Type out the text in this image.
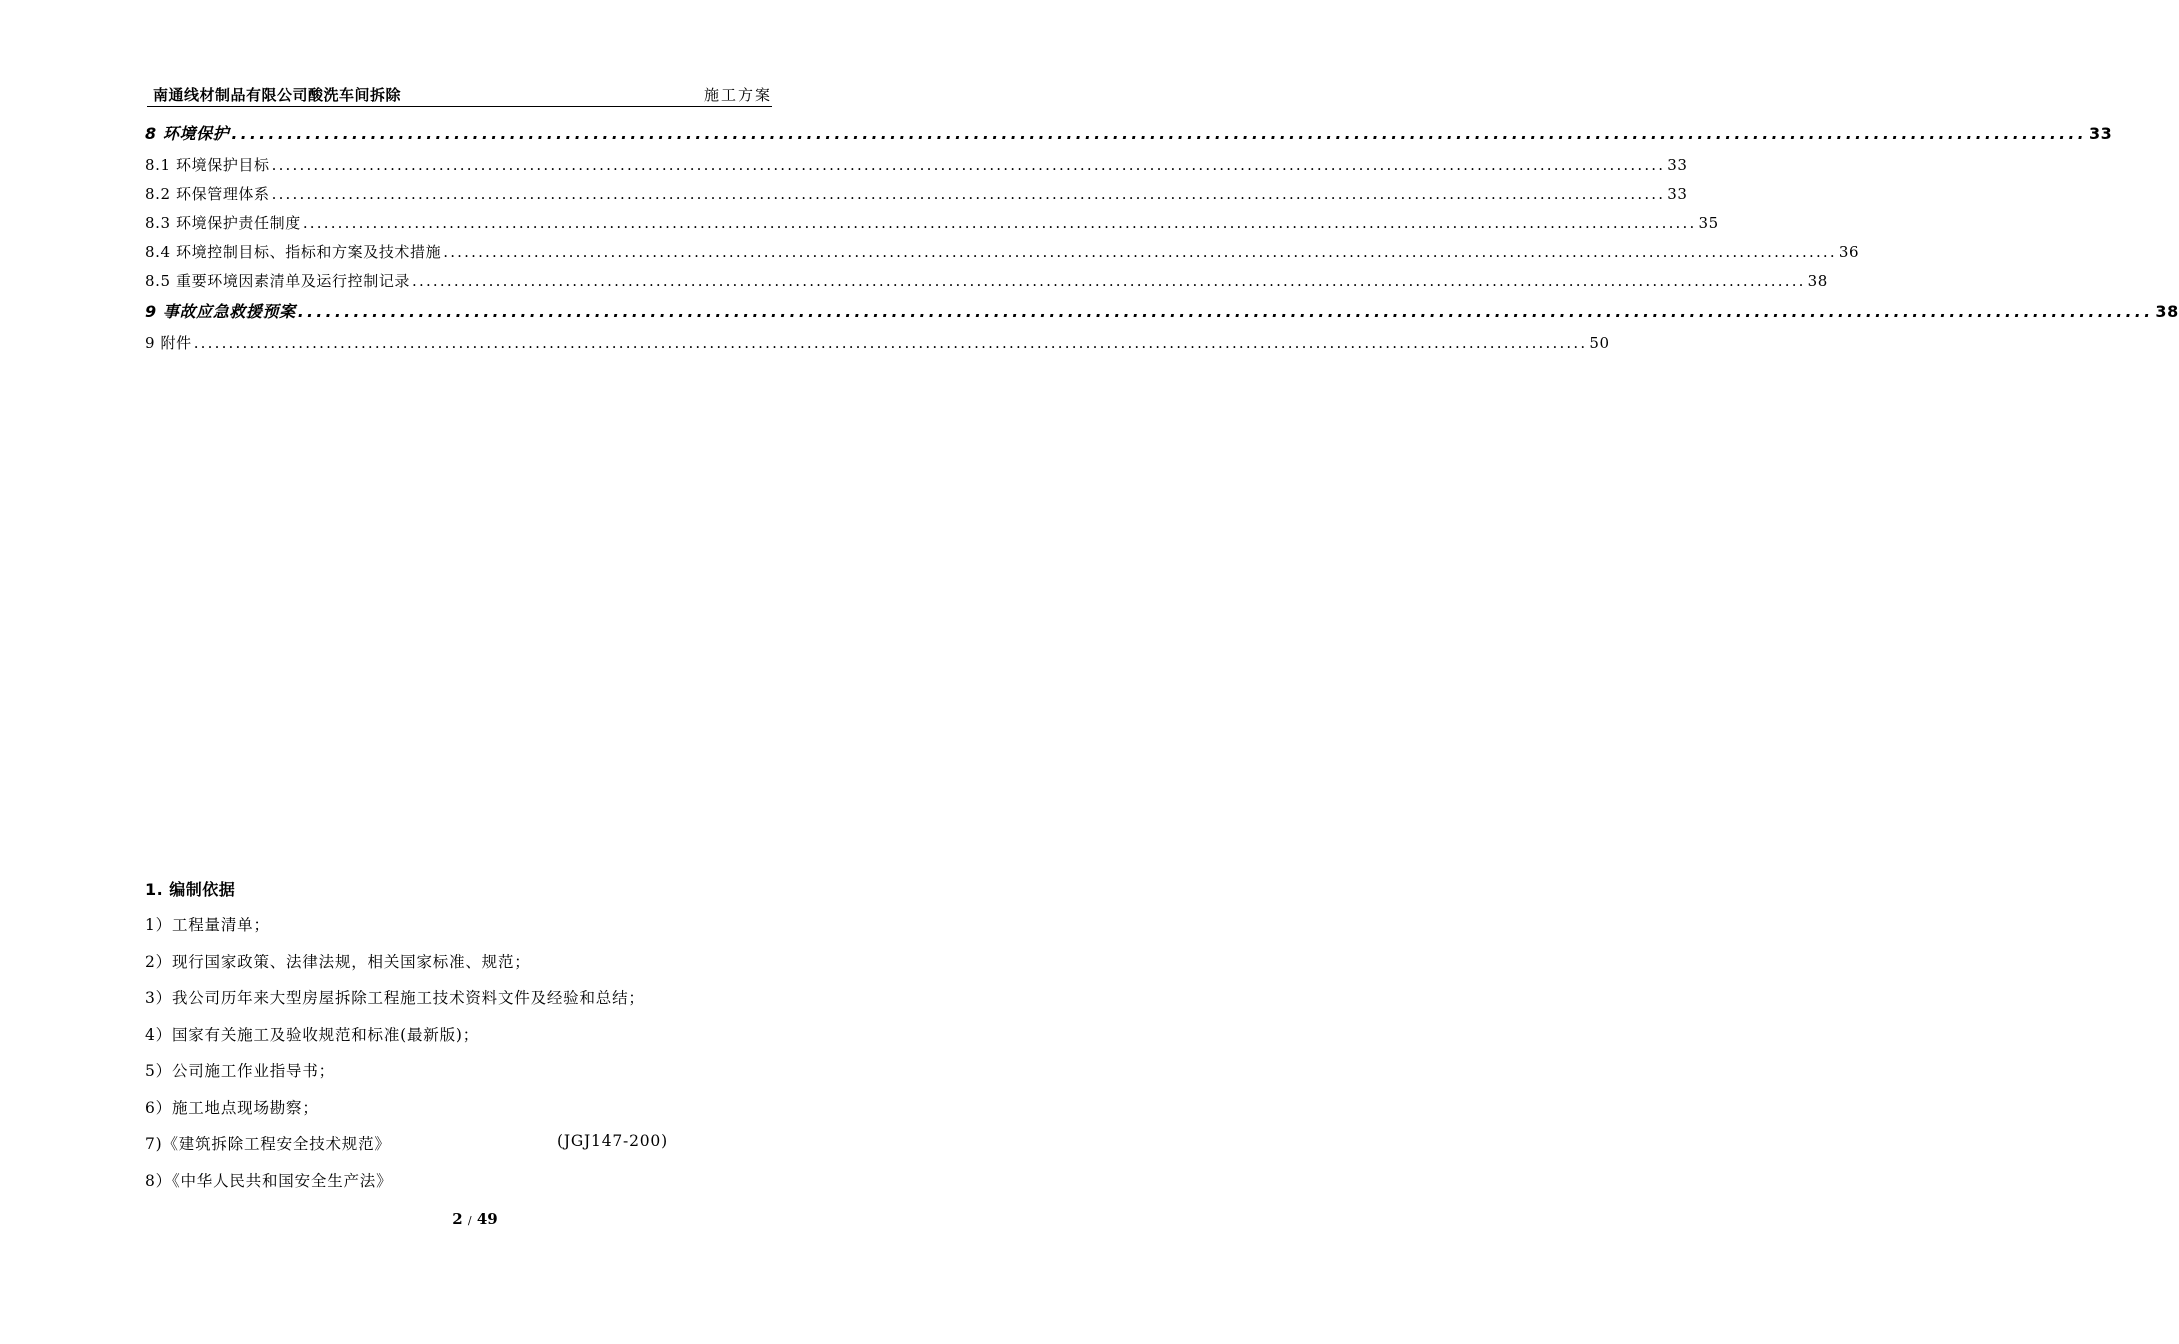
南通线材制品有限公司酸洗车间拆除	施工方案
8 环境保护 ........................................................................................................................................................................................................ 33
8.1 环境保护目标 ........................................................................................................................................................................................................ 33
8.2 环保管理体系 ........................................................................................................................................................................................................ 33
8.3 环境保护责任制度 ........................................................................................................................................................................................................ 35
8.4 环境控制目标、指标和方案及技术措施 ........................................................................................................................................................................................................ 36
8.5 重要环境因素清单及运行控制记录 ........................................................................................................................................................................................................ 38
9 事故应急救援预案 ........................................................................................................................................................................................................ 38
9 附件 ........................................................................................................................................................................................................ 50
1. 编制依据
1）工程量清单；
2）现行国家政策、法律法规，相关国家标准、规范；
3）我公司历年来大型房屋拆除工程施工技术资料文件及经验和总结；
4）国家有关施工及验收规范和标准(最新版)；
5）公司施工作业指导书；
6）施工地点现场勘察；
7)《建筑拆除工程安全技术规范》	(JGJ147-200)
8）《中华人民共和国安全生产法》
2 / 49
